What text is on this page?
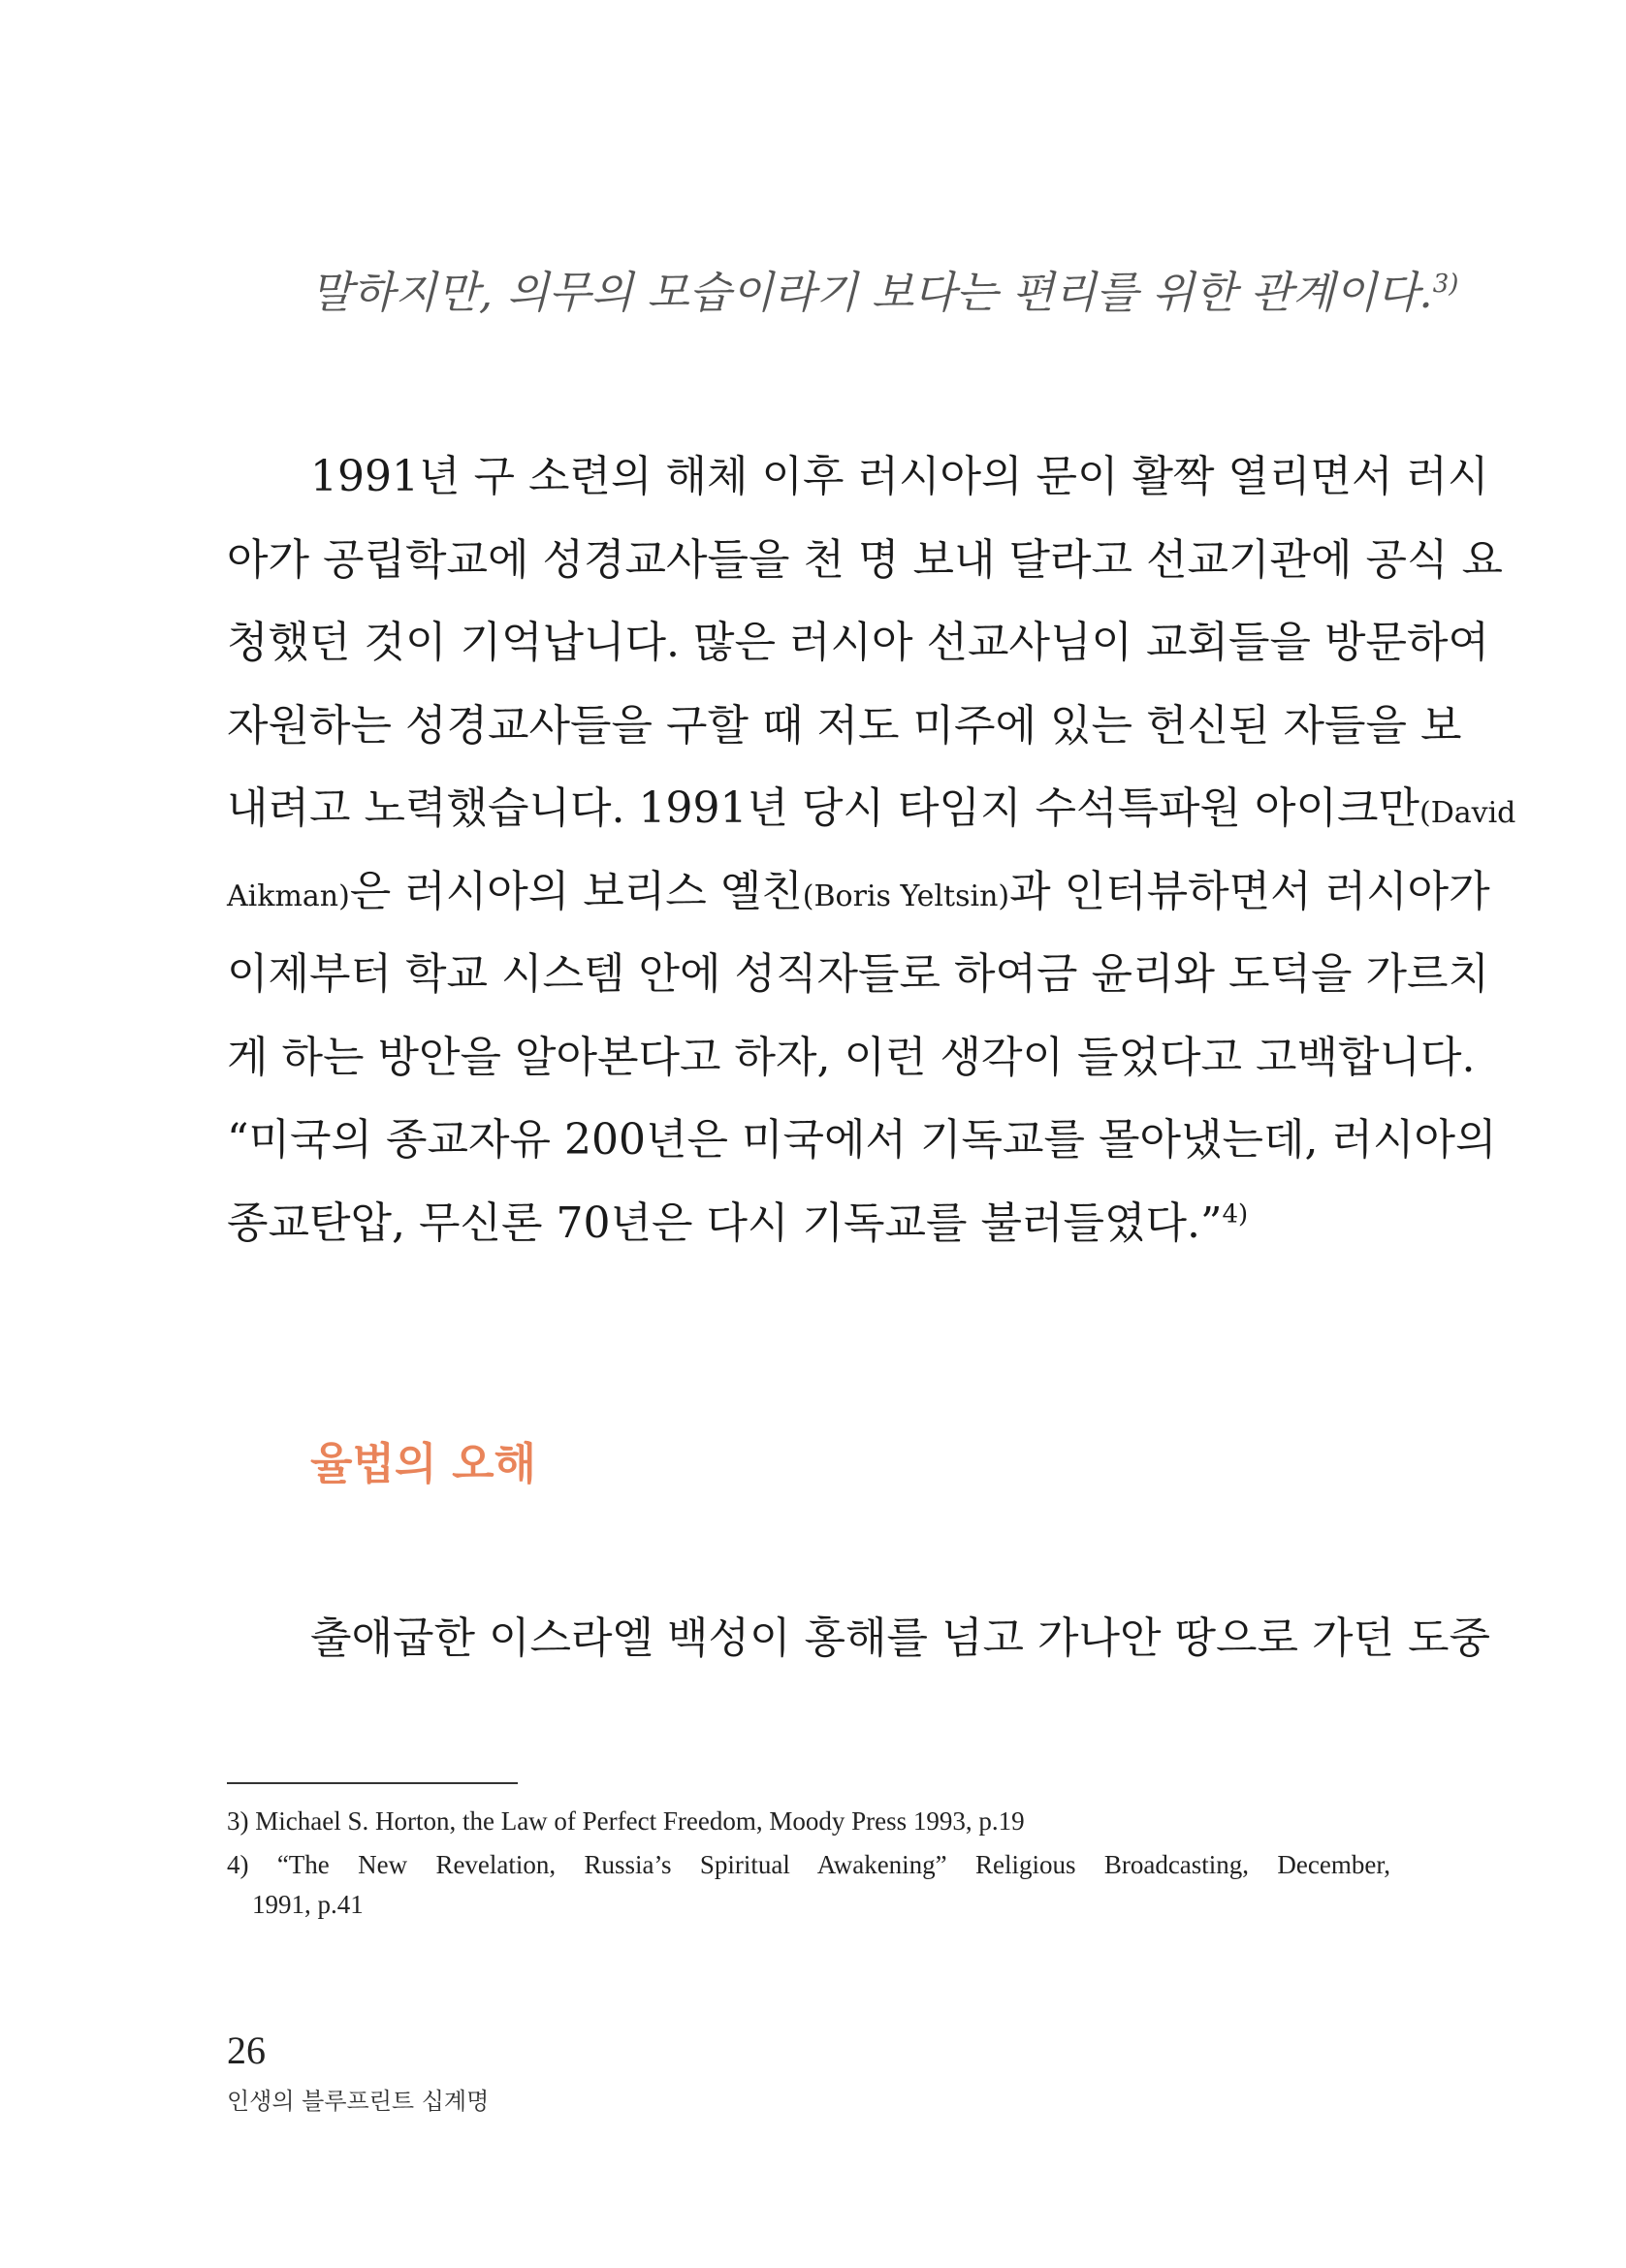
말하지만, 의무의 모습이라기 보다는 편리를 위한 관계이다.$^{3)}$
1991년 구 소련의 해체 이후 러시아의 문이 활짝 열리면서 러시
아가 공립학교에 성경교사들을 천 명 보내 달라고 선교기관에 공식 요
청했던 것이 기억납니다. 많은 러시아 선교사님이 교회들을 방문하여
자원하는 성경교사들을 구할 때 저도 미주에 있는 헌신된 자들을 보
내려고 노력했습니다. 1991년 당시 타임지 수석특파원 아이크만(David
Aikman)은 러시아의 보리스 옐친(Boris Yeltsin)과 인터뷰하면서 러시아가
이제부터 학교 시스템 안에 성직자들로 하여금 윤리와 도덕을 가르치
게 하는 방안을 알아본다고 하자, 이런 생각이 들었다고 고백합니다.
“미국의 종교자유 200년은 미국에서 기독교를 몰아냈는데, 러시아의
종교탄압, 무신론 70년은 다시 기독교를 불러들였다.”$^{4)}$
율법의 오해
출애굽한 이스라엘 백성이 홍해를 넘고 가나안 땅으로 가던 도중
3) Michael S. Horton, the Law of Perfect Freedom, Moody Press 1993, p.19
4) “The New Revelation, Russia’s Spiritual Awakening” Religious Broadcasting, December,
1991, p.41
26
인생의 블루프린트 십계명
